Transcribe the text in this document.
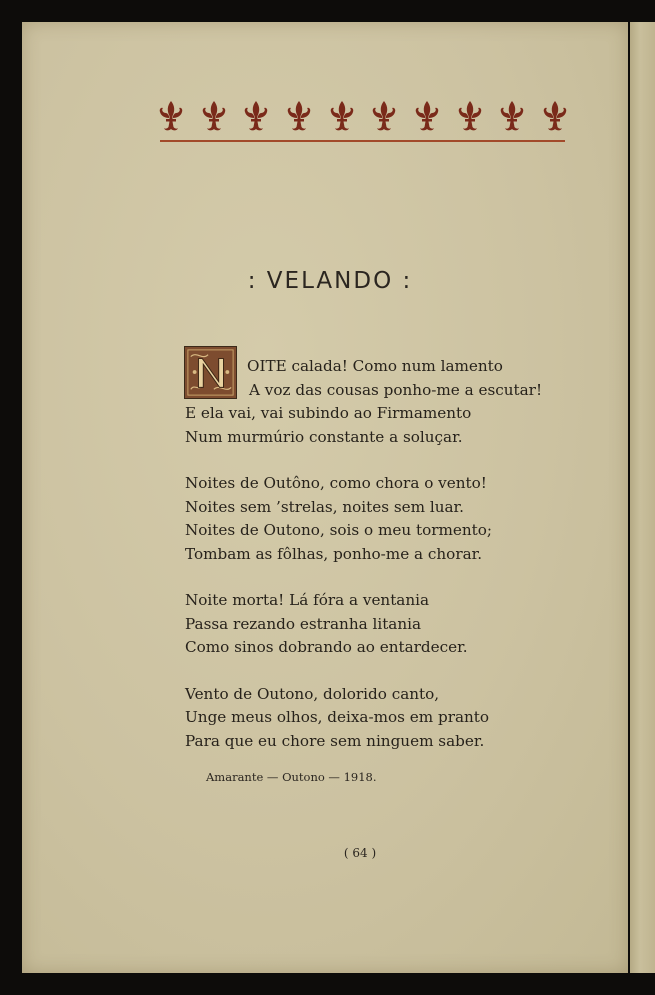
: VELANDO :
OITE calada! Como num lamento
A voz das cousas ponho-me a escutar!
E ela vai, vai subindo ao Firmamento
Num murmúrio constante a soluçar.
Noites de Outôno, como chora o vento!
Noites sem ’strelas, noites sem luar.
Noites de Outono, sois o meu tormento;
Tombam as fôlhas, ponho-me a chorar.
Noite morta! Lá fóra a ventania
Passa rezando estranha litania
Como sinos dobrando ao entardecer.
Vento de Outono, dolorido canto,
Unge meus olhos, deixa-mos em pranto
Para que eu chore sem ninguem saber.
Amarante — Outono — 1918.
( 64 )
